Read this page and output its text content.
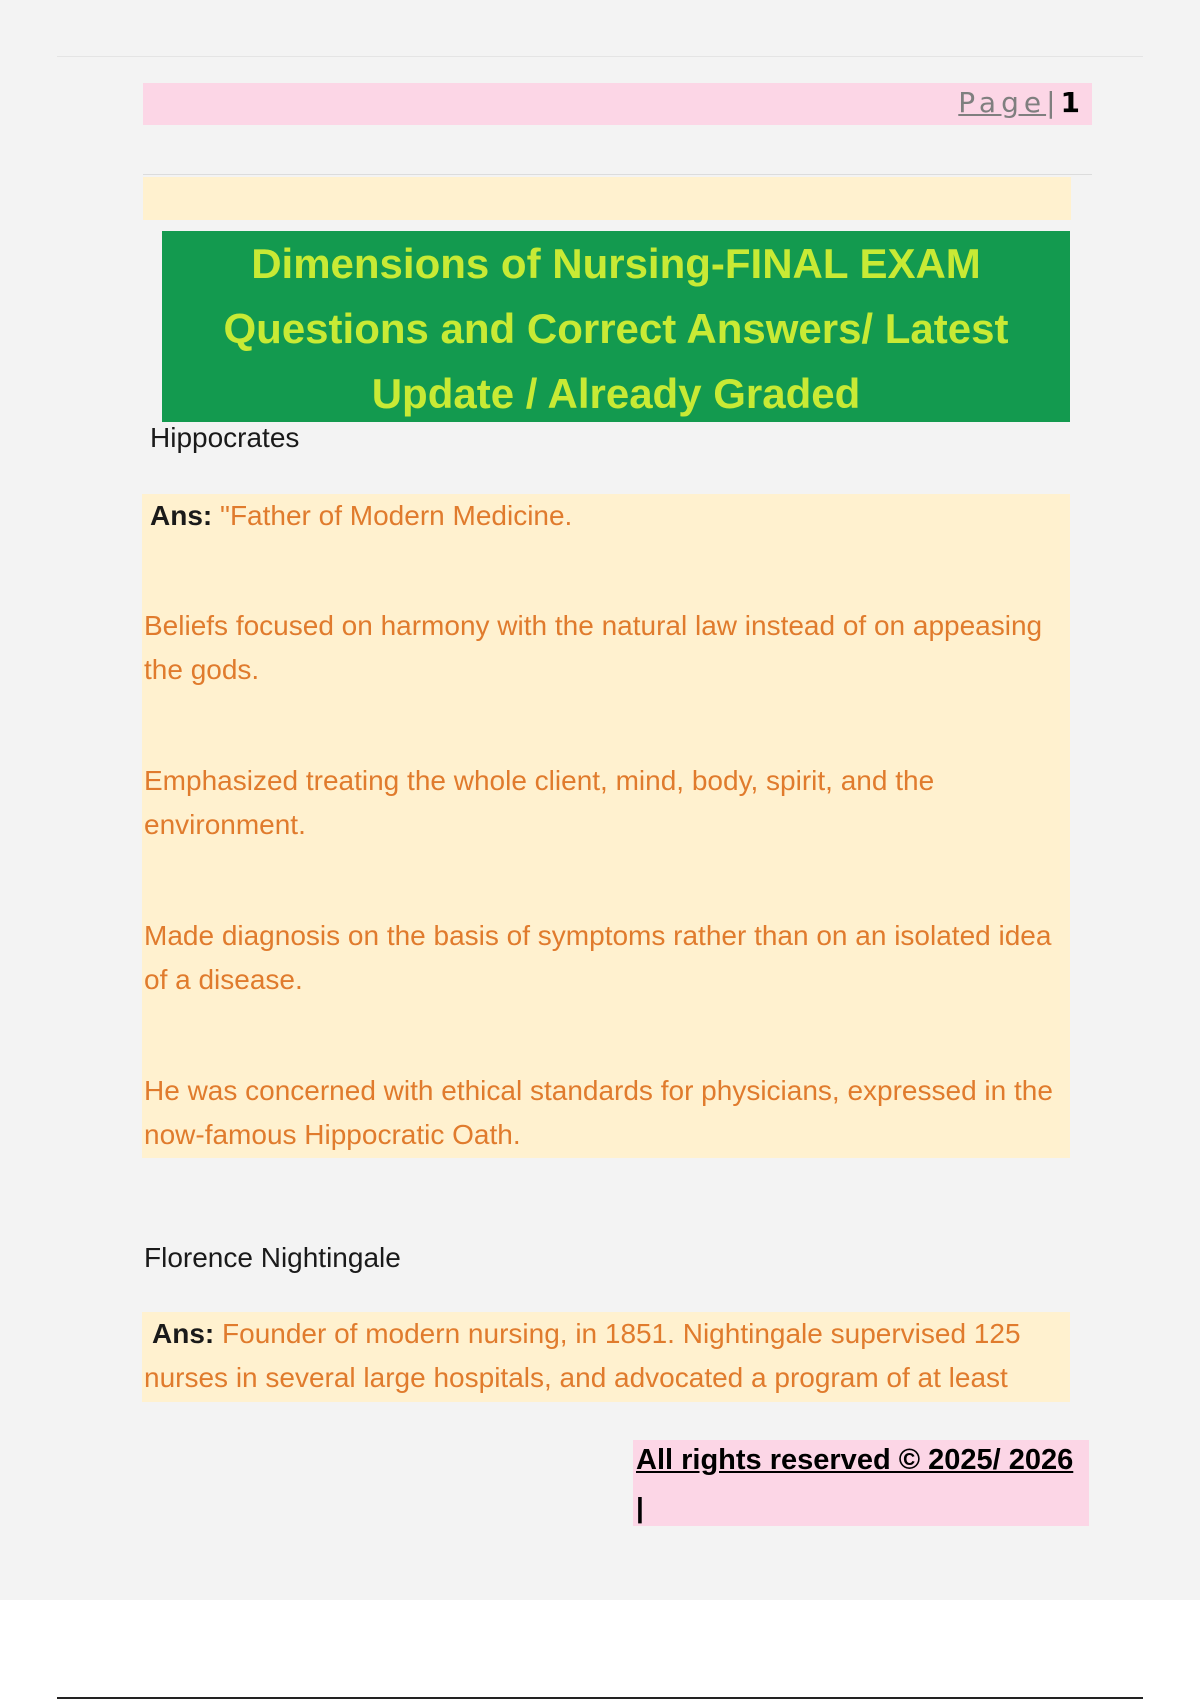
Page|1

Dimensions of Nursing-FINAL EXAM
Questions and Correct Answers/ Latest
Update / Already Graded

Hippocrates
Ans: "Father of Modern Medicine.
Beliefs focused on harmony with the natural law instead of on appeasing the gods.
Emphasized treating the whole client, mind, body, spirit, and the environment.
Made diagnosis on the basis of symptoms rather than on an isolated idea of a disease.
He was concerned with ethical standards for physicians, expressed in the now-famous Hippocratic Oath.
Florence Nightingale
Ans: Founder of modern nursing, in 1851. Nightingale supervised 125 nurses in several large hospitals, and advocated a program of at least
All rights reserved © 2025/ 2026
|
